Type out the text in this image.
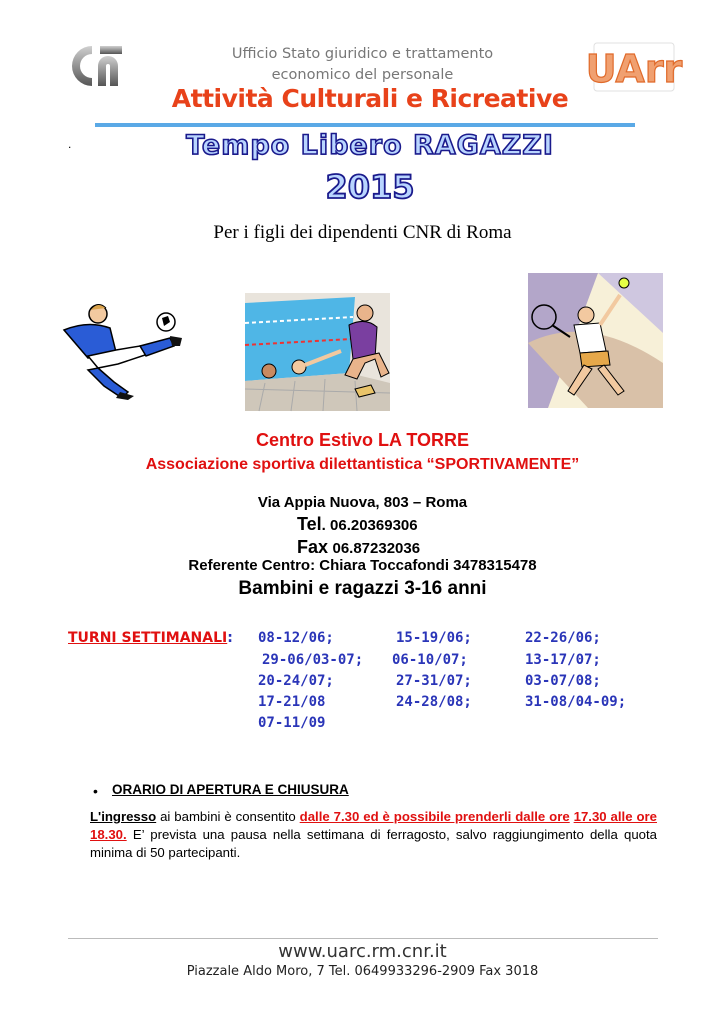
UArr
Ufficio Stato giuridico e trattamento
economico del personale
Attività Culturali e Ricreative
.	Tempo Libero RAGAZZI
2015
Per i figli dei dipendenti CNR di Roma
Centro Estivo LA TORRE
Associazione sportiva dilettantistica “SPORTIVAMENTE”
Via Appia Nuova, 803 – Roma
Tel. 06.20369306
Fax 06.87232036
Referente Centro: Chiara Toccafondi 3478315478
Bambini e ragazzi 3-16 anni
TURNI SETTIMANALI: 08-12/06;	15-19/06;	22-26/06;
29-06/03-07; 06-10/07;	13-17/07;
20-24/07;	27-31/07;	03-07/08;
17-21/08	24-28/08;	31-08/04-09;
07-11/09
• ORARIO DI APERTURA E CHIUSURA
L'ingresso ai bambini è consentito dalle 7.30 ed è possibile prenderli dalle ore 17.30 alle ore 18.30. E’ prevista una pausa nella settimana di ferragosto, salvo raggiungimento della quota minima di 50 partecipanti.
www.uarc.rm.cnr.it
Piazzale Aldo Moro, 7 Tel. 0649933296-2909 Fax 3018
